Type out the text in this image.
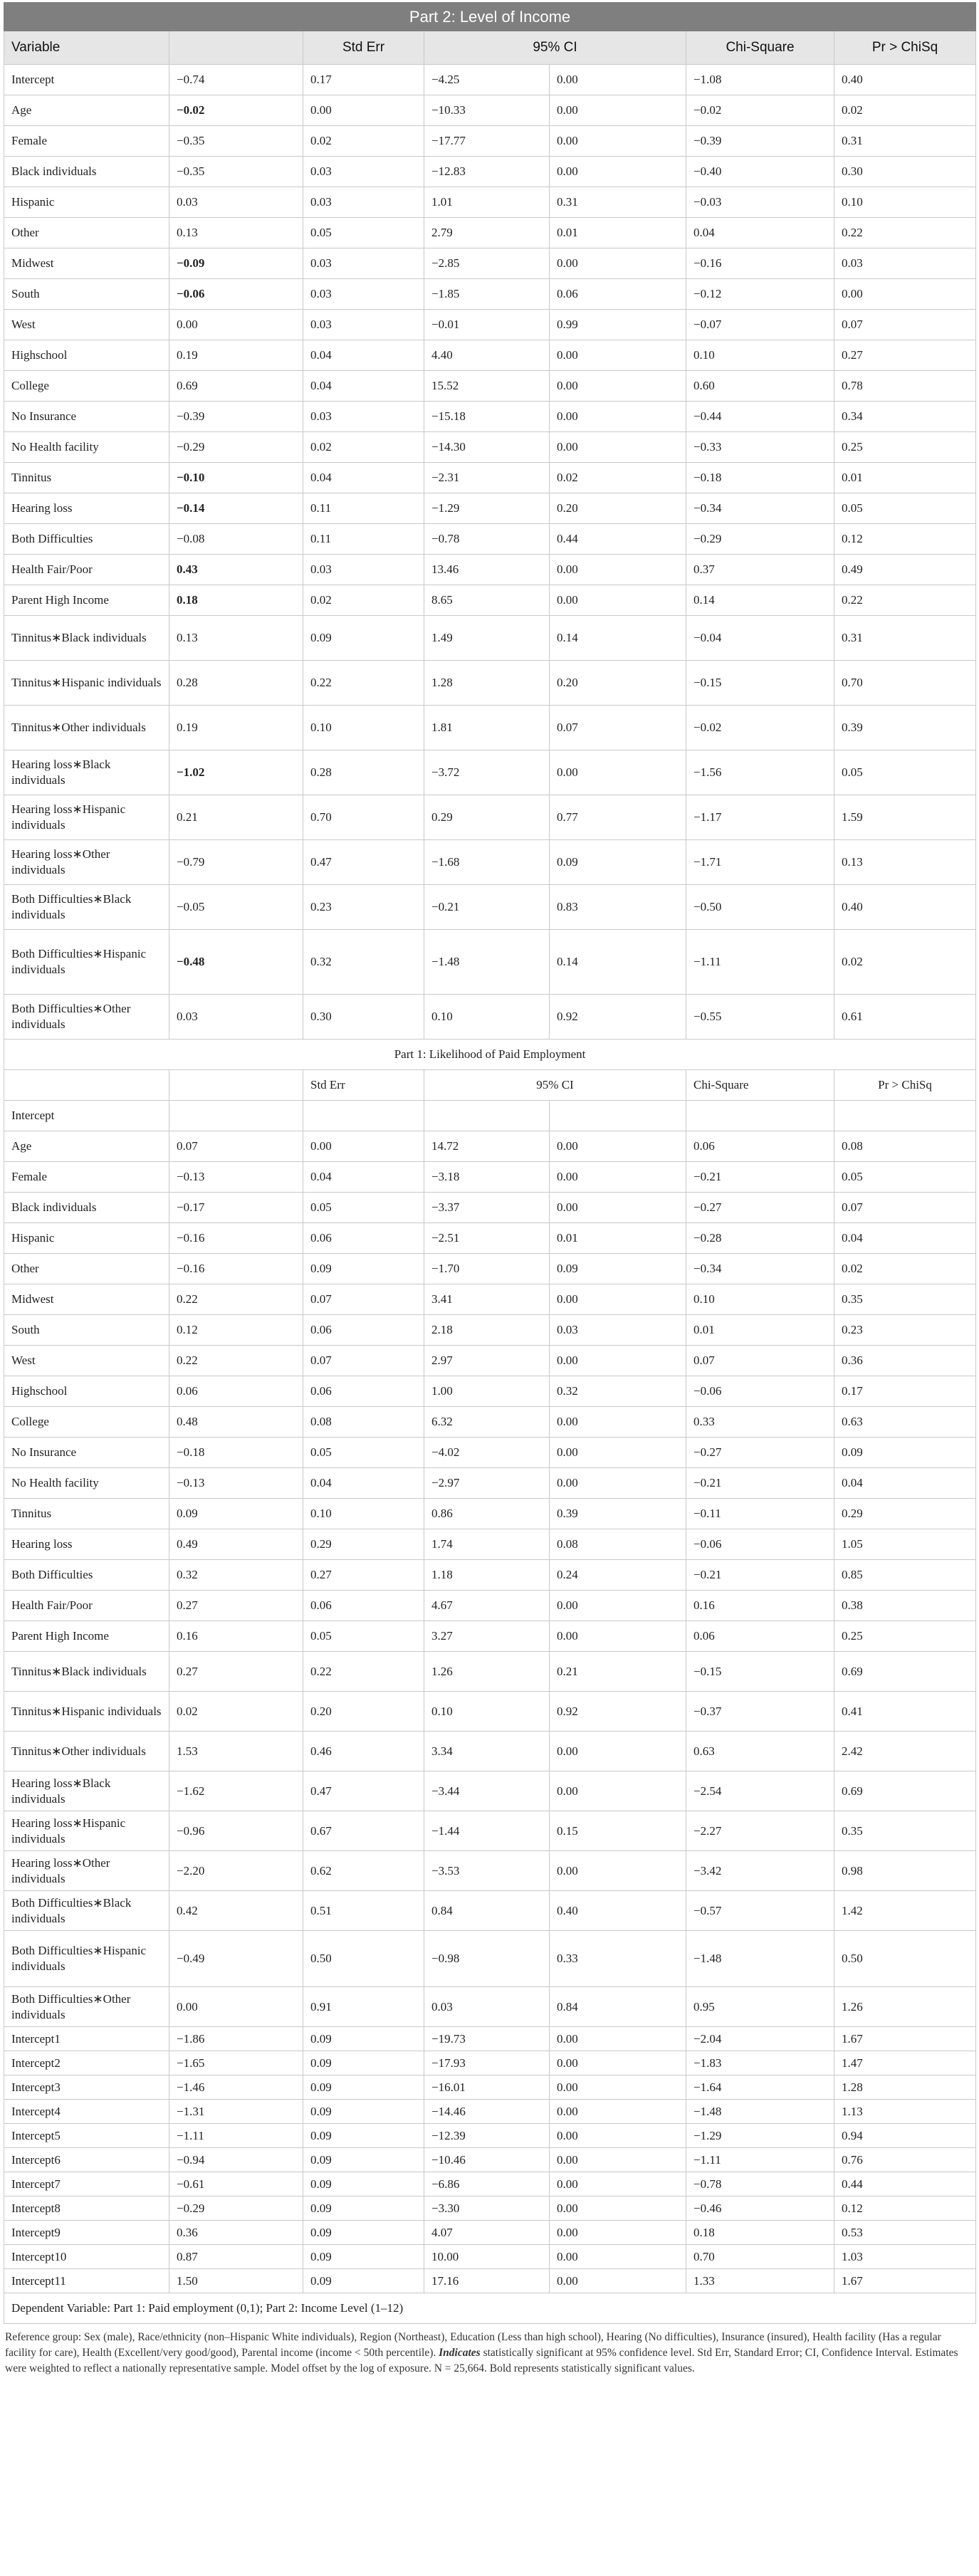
Part 2: Level of Income						
Variable		Std Err	95% CI		Chi-Square	Pr > ChiSq
Intercept	−0.74	0.17	−4.25	0.00	−1.08	0.40
Age	−0.02	0.00	−10.33	0.00	−0.02	0.02
Female	−0.35	0.02	−17.77	0.00	−0.39	0.31
Black individuals	−0.35	0.03	−12.83	0.00	−0.40	0.30
Hispanic	0.03	0.03	1.01	0.31	−0.03	0.10
Other	0.13	0.05	2.79	0.01	0.04	0.22
Midwest	−0.09	0.03	−2.85	0.00	−0.16	0.03
South	−0.06	0.03	−1.85	0.06	−0.12	0.00
West	0.00	0.03	−0.01	0.99	−0.07	0.07
Highschool	0.19	0.04	4.40	0.00	0.10	0.27
College	0.69	0.04	15.52	0.00	0.60	0.78
No Insurance	−0.39	0.03	−15.18	0.00	−0.44	0.34
No Health facility	−0.29	0.02	−14.30	0.00	−0.33	0.25
Tinnitus	−0.10	0.04	−2.31	0.02	−0.18	0.01
Hearing loss	−0.14	0.11	−1.29	0.20	−0.34	0.05
Both Difficulties	−0.08	0.11	−0.78	0.44	−0.29	0.12
Health Fair/Poor	0.43	0.03	13.46	0.00	0.37	0.49
Parent High Income	0.18	0.02	8.65	0.00	0.14	0.22
Tinnitus∗Black individuals	0.13	0.09	1.49	0.14	−0.04	0.31
Tinnitus∗Hispanic individuals	0.28	0.22	1.28	0.20	−0.15	0.70
Tinnitus∗Other individuals	0.19	0.10	1.81	0.07	−0.02	0.39
Hearing loss∗Black individuals	−1.02	0.28	−3.72	0.00	−1.56	0.05
Hearing loss∗Hispanic individuals	0.21	0.70	0.29	0.77	−1.17	1.59
Hearing loss∗Other individuals	−0.79	0.47	−1.68	0.09	−1.71	0.13
Both Difficulties∗Black individuals	−0.05	0.23	−0.21	0.83	−0.50	0.40
Both Difficulties∗Hispanic individuals	−0.48	0.32	−1.48	0.14	−1.11	0.02
Both Difficulties∗Other individuals	0.03	0.30	0.10	0.92	−0.55	0.61
Part 1: Likelihood of Paid Employment						
		Std Err	95% CI		Chi-Square	Pr > ChiSq
Intercept						
Age	0.07	0.00	14.72	0.00	0.06	0.08
Female	−0.13	0.04	−3.18	0.00	−0.21	0.05
Black individuals	−0.17	0.05	−3.37	0.00	−0.27	0.07
Hispanic	−0.16	0.06	−2.51	0.01	−0.28	0.04
Other	−0.16	0.09	−1.70	0.09	−0.34	0.02
Midwest	0.22	0.07	3.41	0.00	0.10	0.35
South	0.12	0.06	2.18	0.03	0.01	0.23
West	0.22	0.07	2.97	0.00	0.07	0.36
Highschool	0.06	0.06	1.00	0.32	−0.06	0.17
College	0.48	0.08	6.32	0.00	0.33	0.63
No Insurance	−0.18	0.05	−4.02	0.00	−0.27	0.09
No Health facility	−0.13	0.04	−2.97	0.00	−0.21	0.04
Tinnitus	0.09	0.10	0.86	0.39	−0.11	0.29
Hearing loss	0.49	0.29	1.74	0.08	−0.06	1.05
Both Difficulties	0.32	0.27	1.18	0.24	−0.21	0.85
Health Fair/Poor	0.27	0.06	4.67	0.00	0.16	0.38
Parent High Income	0.16	0.05	3.27	0.00	0.06	0.25
Tinnitus∗Black individuals	0.27	0.22	1.26	0.21	−0.15	0.69
Tinnitus∗Hispanic individuals	0.02	0.20	0.10	0.92	−0.37	0.41
Tinnitus∗Other individuals	1.53	0.46	3.34	0.00	0.63	2.42
Hearing loss∗Black individuals	−1.62	0.47	−3.44	0.00	−2.54	0.69
Hearing loss∗Hispanic individuals	−0.96	0.67	−1.44	0.15	−2.27	0.35
Hearing loss∗Other individuals	−2.20	0.62	−3.53	0.00	−3.42	0.98
Both Difficulties∗Black individuals	0.42	0.51	0.84	0.40	−0.57	1.42
Both Difficulties∗Hispanic individuals	−0.49	0.50	−0.98	0.33	−1.48	0.50
Both Difficulties∗Other individuals	0.00	0.91	0.03	0.84	0.95	1.26
Intercept1	−1.86	0.09	−19.73	0.00	−2.04	1.67
Intercept2	−1.65	0.09	−17.93	0.00	−1.83	1.47
Intercept3	−1.46	0.09	−16.01	0.00	−1.64	1.28
Intercept4	−1.31	0.09	−14.46	0.00	−1.48	1.13
Intercept5	−1.11	0.09	−12.39	0.00	−1.29	0.94
Intercept6	−0.94	0.09	−10.46	0.00	−1.11	0.76
Intercept7	−0.61	0.09	−6.86	0.00	−0.78	0.44
Intercept8	−0.29	0.09	−3.30	0.00	−0.46	0.12
Intercept9	0.36	0.09	4.07	0.00	0.18	0.53
Intercept10	0.87	0.09	10.00	0.00	0.70	1.03
Intercept11	1.50	0.09	17.16	0.00	1.33	1.67
Dependent Variable: Part 1: Paid employment (0,1); Part 2: Income Level (1–12)						
Reference group: Sex (male), Race/ethnicity (non–Hispanic White individuals), Region (Northeast), Education (Less than high school), Hearing (No difficulties), Insurance (insured), Health facility (Has a regular facility for care), Health (Excellent/very good/good), Parental income (income < 50th percentile). Indicates statistically significant at 95% confidence level. Std Err, Standard Error; CI, Confidence Interval. Estimates were weighted to reflect a nationally representative sample. Model offset by the log of exposure. N = 25,664. Bold represents statistically significant values.
